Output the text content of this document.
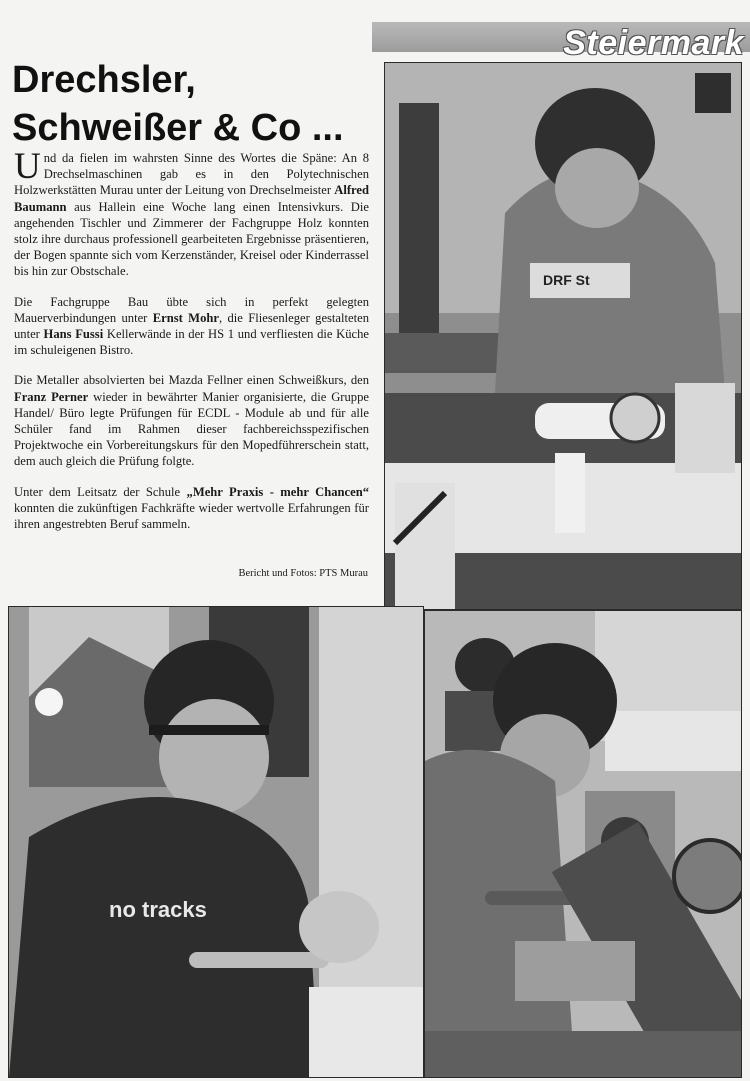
Steiermark
Drechsler,
Schweißer & Co ...

Und da fielen im wahrsten Sinne des Wortes die Späne: An 8 Drechselmaschinen gab es in den Polytechnischen Holzwerkstätten Murau unter der Leitung von Drechselmeister Alfred Baumann aus Hallein eine Woche lang einen Intensivkurs. Die angehenden Tischler und Zimmerer der Fachgruppe Holz konnten stolz ihre durchaus professionell gearbeiteten Ergebnisse präsentieren, der Bogen spannte sich vom Kerzenständer, Kreisel oder Kinderrassel bis hin zur Obstschale.

Die Fachgruppe Bau übte sich in perfekt gelegten Mauerverbindungen unter Ernst Mohr, die Fliesenleger gestalteten unter Hans Fussi Kellerwände in der HS 1 und verfliesten die Küche im schuleigenen Bistro.

Die Metaller absolvierten bei Mazda Fellner einen Schweißkurs, den Franz Perner wieder in bewährter Manier organisierte, die Gruppe Handel/ Büro legte Prüfungen für ECDL - Module ab und für alle Schüler fand im Rahmen dieser fachbereichsspezifischen Projektwoche ein Vorbereitungskurs für den Mopedführerschein statt, dem auch gleich die Prüfung folgte.

Unter dem Leitsatz der Schule „Mehr Praxis - mehr Chancen“ konnten die zukünftigen Fachkräfte wieder wertvolle Erfahrungen für ihren angestrebten Beruf sammeln.

Bericht und Fotos: PTS Murau
DRF St
no tracks
